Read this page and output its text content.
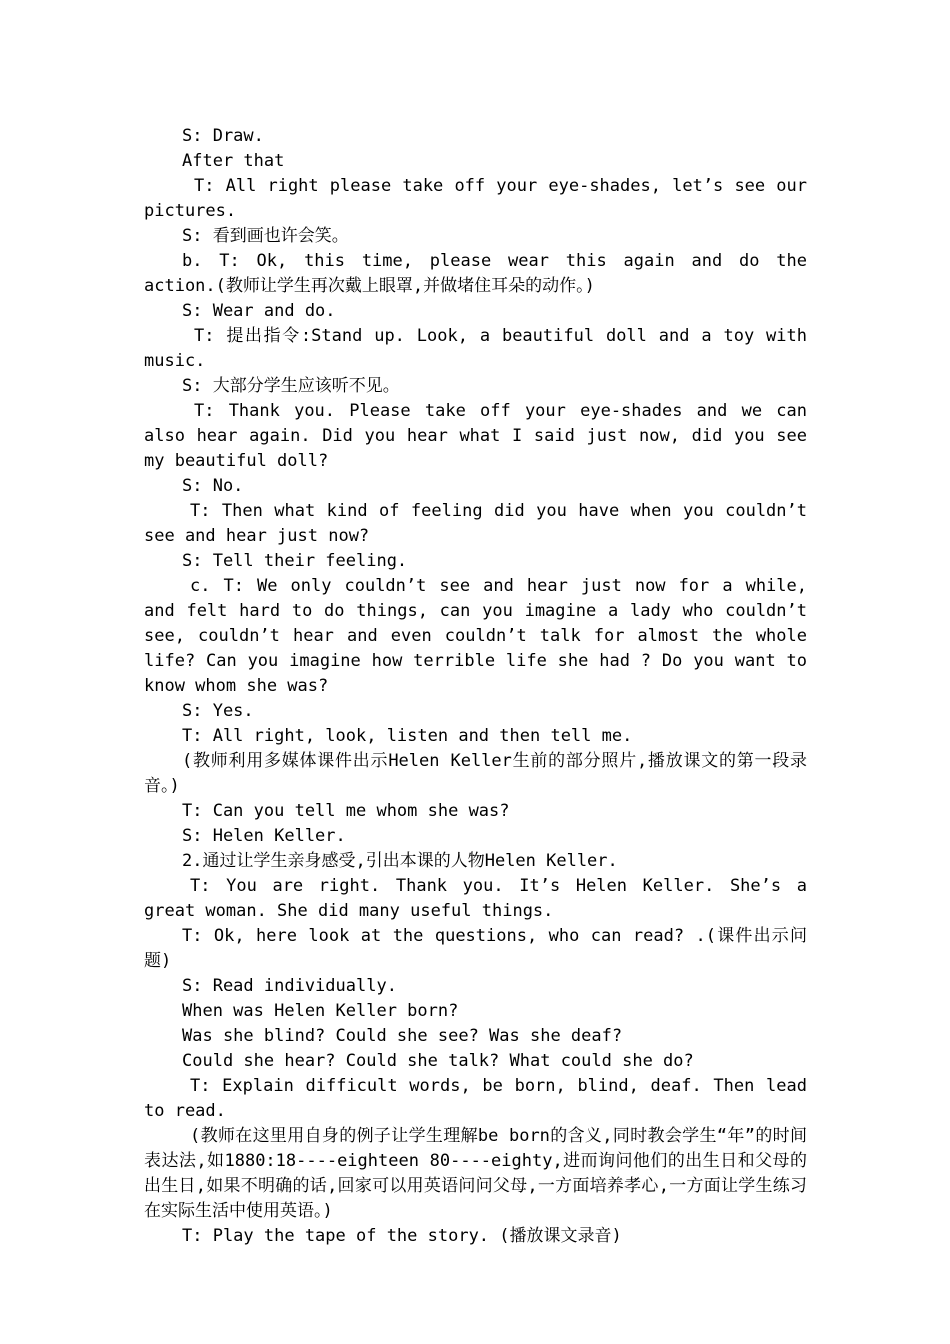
S: Draw.

After that

T: All right please take off your eye-shades, let’s see our pictures.

S: 看到画也许会笑。

b. T: Ok, this time, please wear this again and do the action.(教师让学生再次戴上眼罩,并做堵住耳朵的动作。)

S: Wear and do.

T: 提出指令:Stand up. Look, a beautiful doll and a toy with music.

S: 大部分学生应该听不见。

T: Thank you. Please take off your eye-shades and we can also hear again. Did you hear what I said just now, did you see my beautiful doll?

S: No.

T: Then what kind of feeling did you have when you couldn’t see and hear just now?

S: Tell their feeling.

c. T: We only couldn’t see and hear just now for a while, and felt hard to do things, can you imagine a lady who couldn’t see, couldn’t hear and even couldn’t talk for almost the whole life? Can you imagine how terrible life she had ? Do you want to know whom she was?

S: Yes.

T: All right, look, listen and then tell me.

(教师利用多媒体课件出示Helen Keller生前的部分照片,播放课文的第一段录音。)

T: Can you tell me whom she was?

S: Helen Keller.

2.通过让学生亲身感受,引出本课的人物Helen Keller.

T: You are right. Thank you. It’s Helen Keller. She’s a great woman. She did many useful things.

T: Ok, here look at the questions, who can read? .(课件出示问题)

S: Read individually.

When was Helen Keller born?

Was she blind? Could she see? Was she deaf?

Could she hear? Could she talk? What could she do?

T: Explain difficult words, be born, blind, deaf. Then lead to read.

(教师在这里用自身的例子让学生理解be born的含义,同时教会学生“年”的时间表达法,如1880:18----eighteen 80----eighty,进而询问他们的出生日和父母的出生日,如果不明确的话,回家可以用英语问问父母,一方面培养孝心,一方面让学生练习在实际生活中使用英语。)

T: Play the tape of the story. (播放课文录音)
